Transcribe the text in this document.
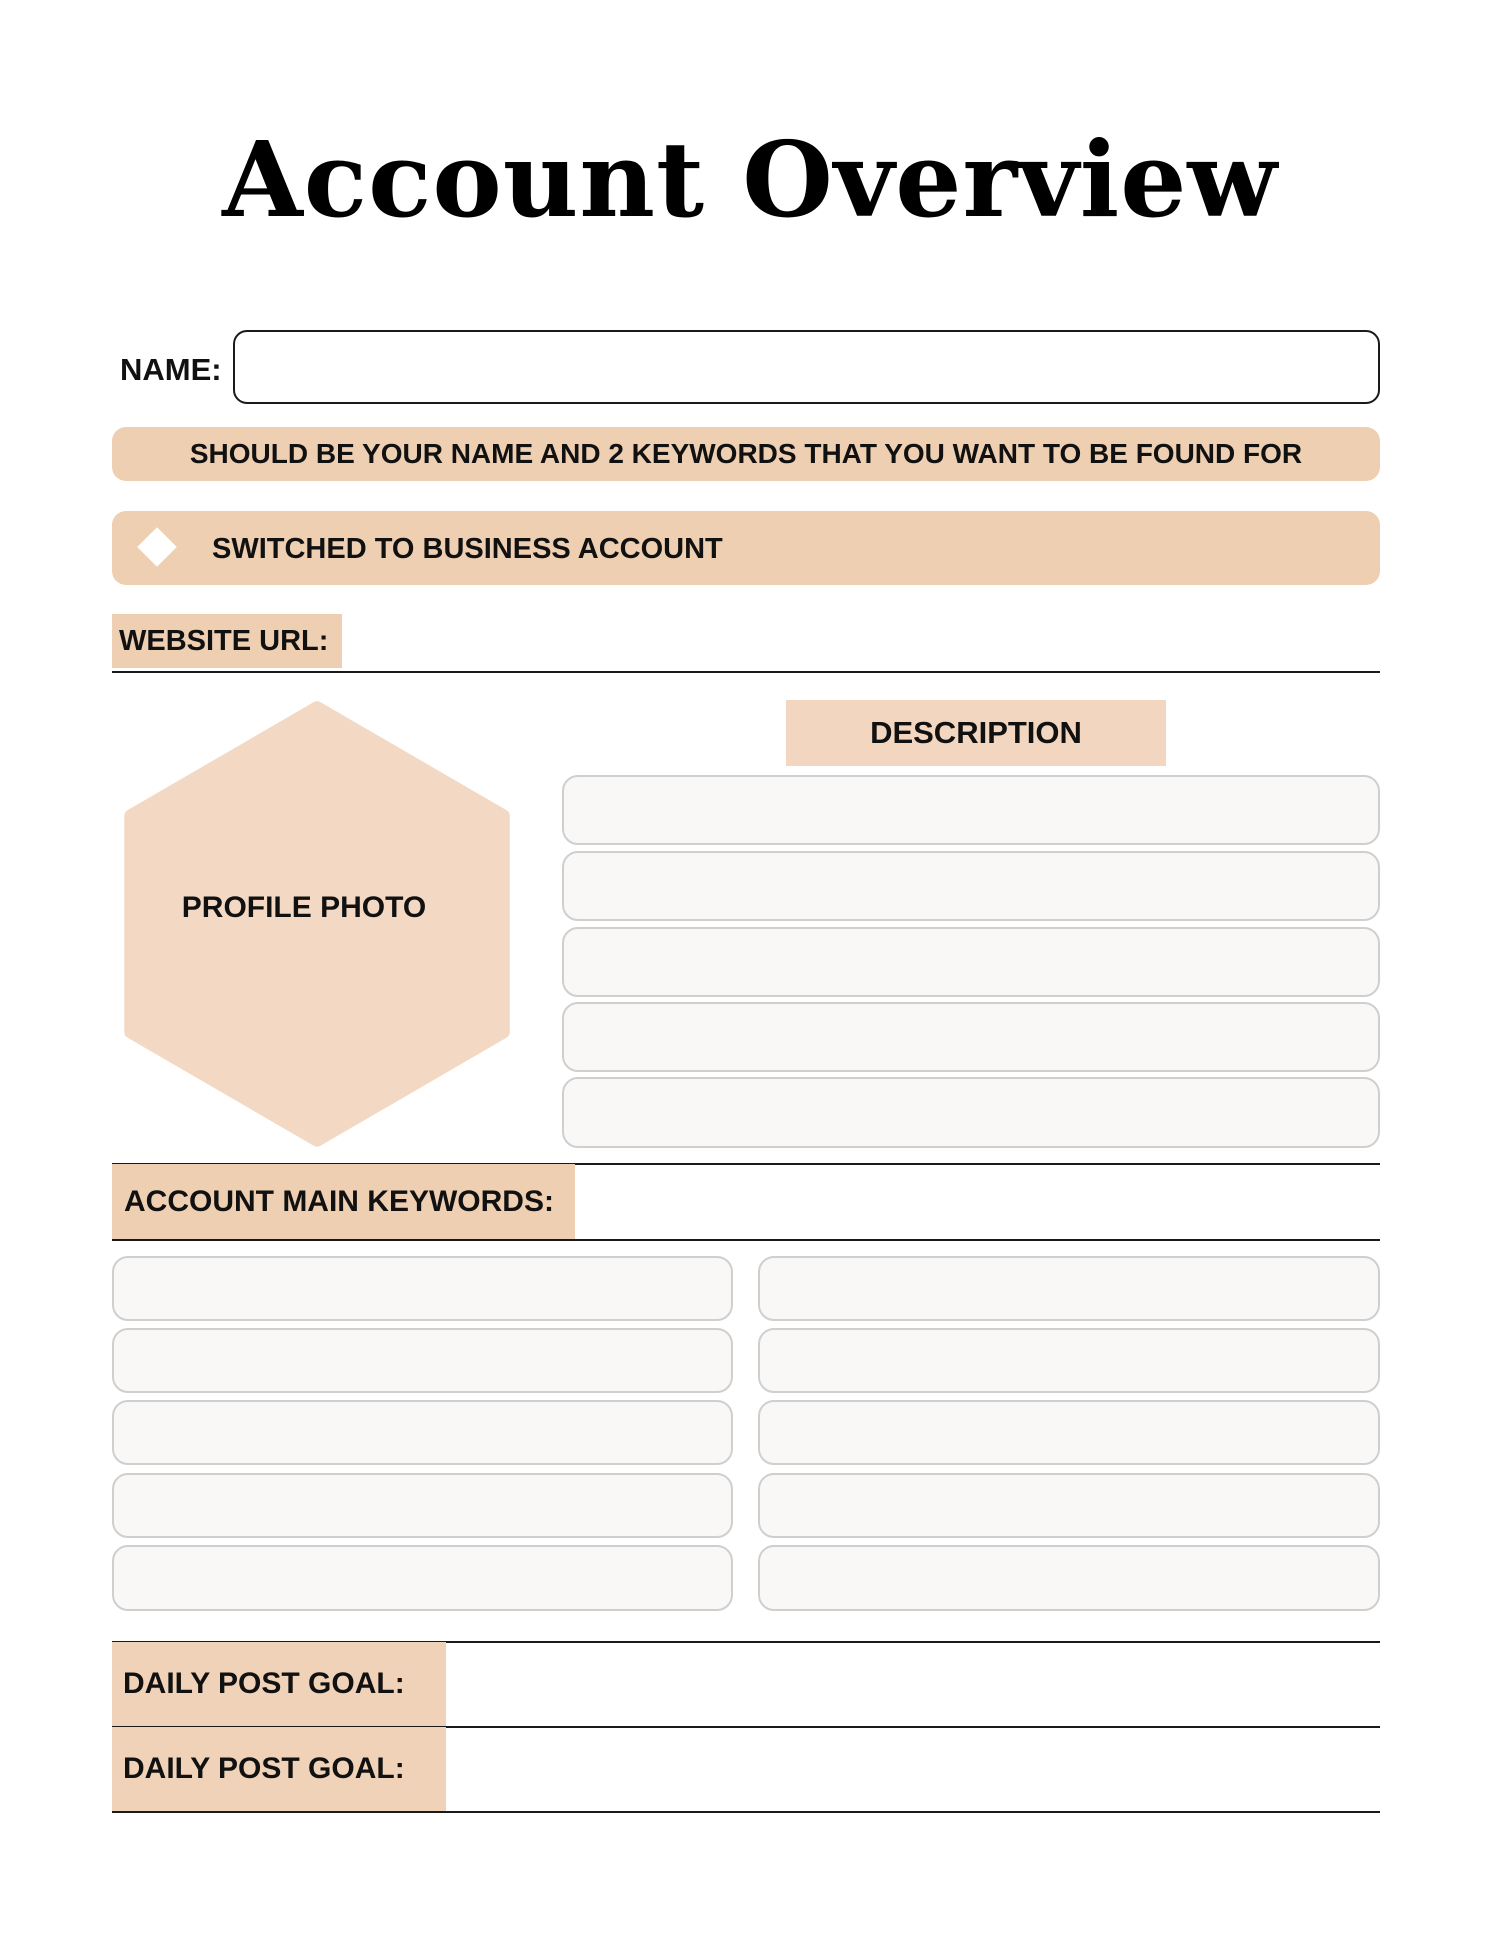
Account Overview
NAME:
SHOULD BE YOUR NAME AND 2 KEYWORDS THAT YOU WANT TO BE FOUND FOR
SWITCHED TO BUSINESS ACCOUNT
WEBSITE URL:
PROFILE PHOTO
DESCRIPTION
ACCOUNT MAIN KEYWORDS:
DAILY POST GOAL:
DAILY POST GOAL:
